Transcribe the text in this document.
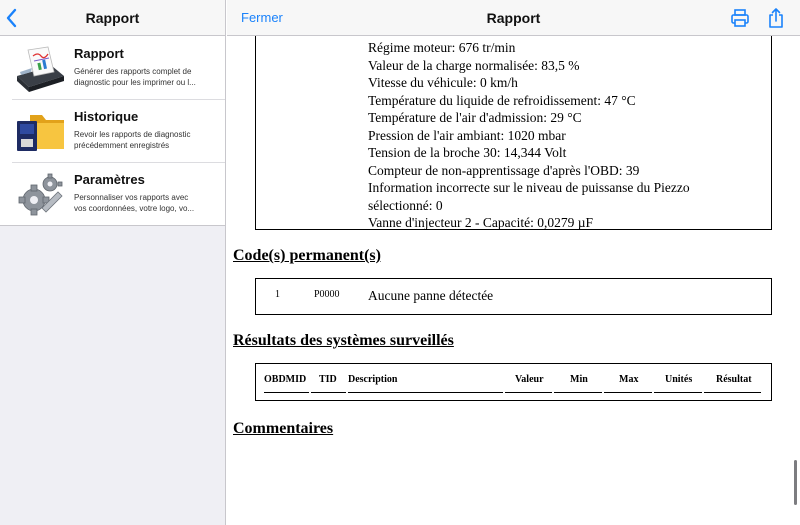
Rapport
Rapport
Générer des rapports complet de
diagnostic pour les imprimer ou l...
Historique
Revoir les rapports de diagnostic
précédemment enregistrés
Paramètres
Personnaliser vos rapports avec
vos coordonnées, votre logo, vo...
Régime moteur: 676 tr/min
Valeur de la charge normalisée: 83,5 %
Vitesse du véhicule: 0 km/h
Température du liquide de refroidissement: 47 °C
Température de l'air d'admission: 29 °C
Pression de l'air ambiant: 1020 mbar
Tension de la broche 30: 14,344 Volt
Compteur de non-apprentissage d'après l'OBD: 39
Information incorrecte sur le niveau de puissanse du Piezzo
sélectionné: 0
Vanne d'injecteur 2 - Capacité: 0,0279 µF
Code(s) permanent(s)
1	P0000 Aucune panne détectée
Résultats des systèmes surveillés
OBDMID	TID	Description	Valeur	Min	Max	Unités	Résultat
Commentaires
Fermer	Rapport
